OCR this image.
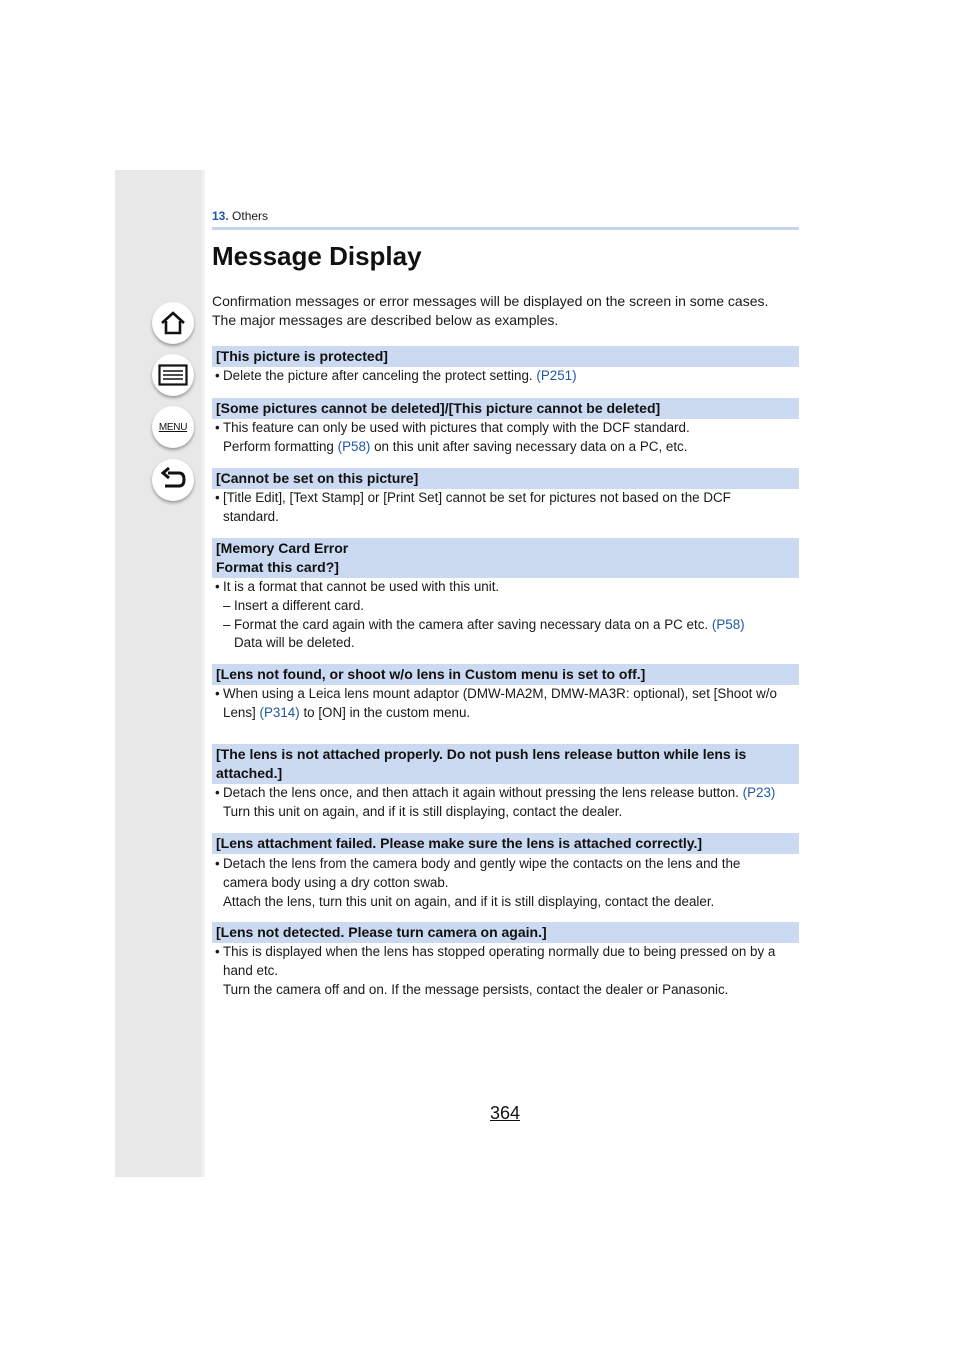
MENU
13. Others
Message Display
Confirmation messages or error messages will be displayed on the screen in some cases.
The major messages are described below as examples.
[This picture is protected]
• Delete the picture after canceling the protect setting. (P251)
[Some pictures cannot be deleted]/[This picture cannot be deleted]
• This feature can only be used with pictures that comply with the DCF standard.
Perform formatting (P58) on this unit after saving necessary data on a PC, etc.
[Cannot be set on this picture]
• [Title Edit], [Text Stamp] or [Print Set] cannot be set for pictures not based on the DCF
standard.
[Memory Card Error
Format this card?]
• It is a format that cannot be used with this unit.
– Insert a different card.
– Format the card again with the camera after saving necessary data on a PC etc. (P58)
Data will be deleted.
[Lens not found, or shoot w/o lens in Custom menu is set to off.]
• When using a Leica lens mount adaptor (DMW-MA2M, DMW-MA3R: optional), set [Shoot w/o
Lens] (P314) to [ON] in the custom menu.
[The lens is not attached properly. Do not push lens release button while lens is
attached.]
• Detach the lens once, and then attach it again without pressing the lens release button. (P23)
Turn this unit on again, and if it is still displaying, contact the dealer.
[Lens attachment failed. Please make sure the lens is attached correctly.]
• Detach the lens from the camera body and gently wipe the contacts on the lens and the
camera body using a dry cotton swab.
Attach the lens, turn this unit on again, and if it is still displaying, contact the dealer.
[Lens not detected. Please turn camera on again.]
• This is displayed when the lens has stopped operating normally due to being pressed on by a
hand etc.
Turn the camera off and on. If the message persists, contact the dealer or Panasonic.
364
